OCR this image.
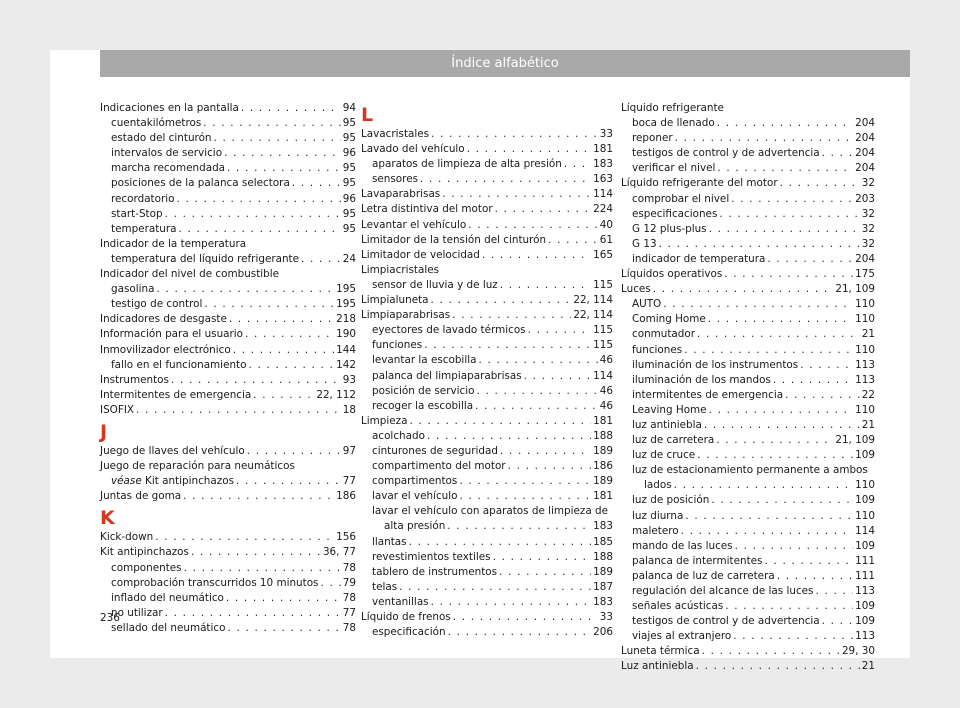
Índice alfabético
Indicaciones en la pantalla . . .	94
cuentakilómetros . . .	95
estado del cinturón . . .	95
intervalos de servicio . . .	96
marcha recomendada . . .	95
posiciones de la palanca selectora . . .	95
recordatorio . . .	96
start-Stop . . .	95
temperatura . . .	95
Indicador de la temperatura
temperatura del líquido refrigerante . . .	24
Indicador del nivel de combustible
gasolina . . .	195
testigo de control . . .	195
Indicadores de desgaste . . .	218
Información para el usuario . . .	190
Inmovilizador electrónico . . .	144
fallo en el funcionamiento . . .	142
Instrumentos . . .	93
Intermitentes de emergencia . . .	22, 112
ISOFIX . . .	18
J
Juego de llaves del vehículo . . .	97
Juego de reparación para neumáticos
véase Kit antipinchazos . . .	77
Juntas de goma . . .	186
K
Kick-down . . .	156
Kit antipinchazos . . .	36, 77
componentes . . .	78
comprobación transcurridos 10 minutos . . . 79
inflado del neumático . . .	78
no utilizar . . .	77
sellado del neumático . . .	78
L
Lavacristales . . .	33
Lavado del vehículo . . .	181
aparatos de limpieza de alta presión . . .	183
sensores . . .	163
Lavaparabrisas . . .	114
Letra distintiva del motor . . .	224
Levantar el vehículo . . .	40
Limitador de la tensión del cinturón . . .	61
Limitador de velocidad . . .	165
Limpiacristales
sensor de lluvia y de luz . . .	115
Limpialuneta . . .	22, 114
Limpiaparabrisas . . .	22, 114
eyectores de lavado térmicos . . .	115
funciones . . .	115
levantar la escobilla . . .	46
palanca del limpiaparabrisas . . .	114
posición de servicio . . .	46
recoger la escobilla . . .	46
Limpieza . . .	181
acolchado . . .	188
cinturones de seguridad . . .	189
compartimento del motor . . .	186
compartimentos . . .	189
lavar el vehículo . . .	181
lavar el vehículo con aparatos de limpieza de
alta presión . . .	183
llantas . . .	185
revestimientos textiles . . .	188
tablero de instrumentos . . .	189
telas . . .	187
ventanillas . . .	183
Líquido de frenos . . .	33
especificación . . .	206
Líquido refrigerante
boca de llenado . . .	204
reponer . . .	204
testigos de control y de advertencia . . .	204
verificar el nivel . . .	204
Líquido refrigerante del motor . . .	32
comprobar el nivel . . .	203
especificaciones . . .	32
G 12 plus-plus . . .	32
G 13 . . .	32
indicador de temperatura . . .	204
Líquidos operativos . . .	175
Luces . . .	21, 109
AUTO . . .	110
Coming Home . . .	110
conmutador . . .	21
funciones . . .	110
iluminación de los instrumentos . . .	113
iluminación de los mandos . . .	113
intermitentes de emergencia . . .	22
Leaving Home . . .	110
luz antiniebla . . .	21
luz de carretera . . .	21, 109
luz de cruce . . .	109
luz de estacionamiento permanente a ambos
lados . . .	110
luz de posición . . .	109
luz diurna . . .	110
maletero . . .	114
mando de las luces . . .	109
palanca de intermitentes . . .	111
palanca de luz de carretera . . .	111
regulación del alcance de las luces . . .	113
señales acústicas . . .	109
testigos de control y de advertencia . . .	109
viajes al extranjero . . .	113
Luneta térmica . . .	29, 30
Luz antiniebla . . .	21
236
